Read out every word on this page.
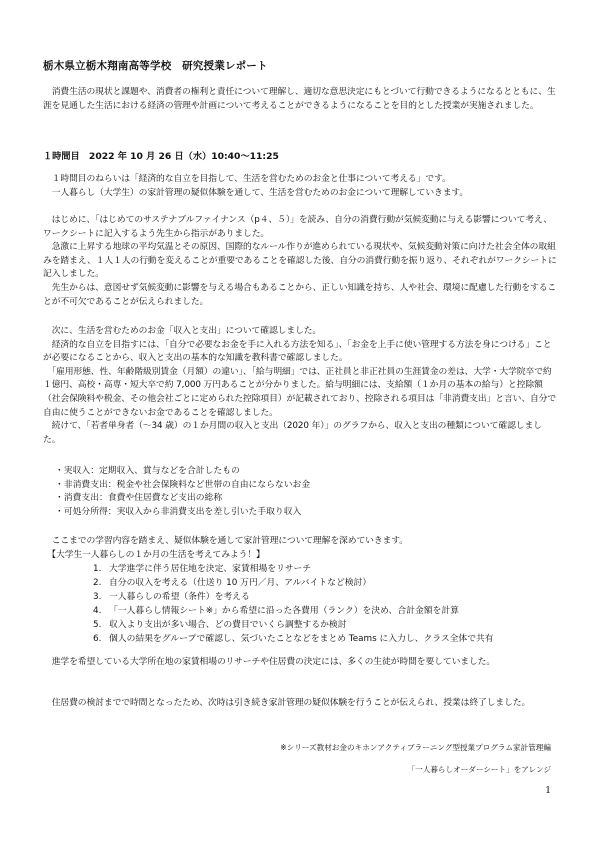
栃木県立栃木翔南高等学校　研究授業レポート

　消費生活の現状と課題や、消費者の権利と責任について理解し、適切な意思決定にもとづいて行動できるようになるとともに、生涯を見通した生活における経済の管理や計画について考えることができるようになることを目的とした授業が実施されました。

１時間目　2022 年 10 月 26 日（水）10:40～11:25

　１時間目のねらいは「経済的な自立を目指して、生活を営むためのお金と仕事について考える」です。
　一人暮らし（大学生）の家計管理の疑似体験を通して、生活を営むためのお金について理解していきます。

　はじめに、「はじめてのサステナブルファイナンス（p４、５）」を読み、自分の消費行動が気候変動に与える影響について考え、ワークシートに記入するよう先生から指示がありました。
　急激に上昇する地球の平均気温とその原因、国際的なルール作りが進められている現状や、気候変動対策に向けた社会全体の取組みを踏まえ、１人１人の行動を変えることが重要であることを確認した後、自分の消費行動を振り返り、それぞれがワークシートに記入しました。
　先生からは、意図せず気候変動に影響を与える場合もあることから、正しい知識を持ち、人や社会、環境に配慮した行動をすることが不可欠であることが伝えられました。

　次に、生活を営むためのお金「収入と支出」について確認しました。
　経済的な自立を目指すには、「自分で必要なお金を手に入れる方法を知る」、「お金を上手に使い管理する方法を身につける」ことが必要になることから、収入と支出の基本的な知識を教科書で確認しました。
　「雇用形態、性、年齢階級別賃金（月額）の違い」、「給与明細」では、正社員と非正社員の生涯賃金の差は、大学・大学院卒で約１億円、高校・高専・短大卒で約 7,000 万円あることが分かりました。給与明細には、支給額（１か月の基本の給与）と控除額（社会保険料や税金、その他会社ごとに定められた控除項目）が記載されており、控除される項目は「非消費支出」と言い、自分で自由に使うことができないお金であることを確認しました。
　続けて、「若者単身者（～34 歳）の１か月間の収入と支出（2020 年）」のグラフから、収入と支出の種類について確認しました。

・実収入：定期収入、賞与などを合計したもの
・非消費支出：税金や社会保険料など世帯の自由にならないお金
・消費支出：食費や住居費など支出の総称
・可処分所得：実収入から非消費支出を差し引いた手取り収入

　ここまでの学習内容を踏まえ、疑似体験を通して家計管理について理解を深めていきます。

　【大学生一人暮らしの１か月の生活を考えてみよう！】
1. 大学進学に伴う居住地を決定、家賃相場をリサーチ
2. 自分の収入を考える（仕送り 10 万円／月、アルバイトなど検討）
3. 一人暮らしの希望（条件）を考える
4. 「一人暮らし情報シート※」から希望に沿った各費用（ランク）を決め、合計金額を計算
5. 収入より支出が多い場合、どの費目でいくら調整するか検討
6. 個人の結果をグループで確認し、気づいたことなどをまとめ Teams に入力し、クラス全体で共有

　進学を希望している大学所在地の家賃相場のリサーチや住居費の決定には、多くの生徒が時間を要していました。

　住居費の検討までで時間となったため、次時は引き続き家計管理の疑似体験を行うことが伝えられ、授業は終了しました。

※シリーズ教材お金のキホンアクティブラーニング型授業プログラム家計管理編
「一人暮らしオーダーシート」をアレンジ
1
